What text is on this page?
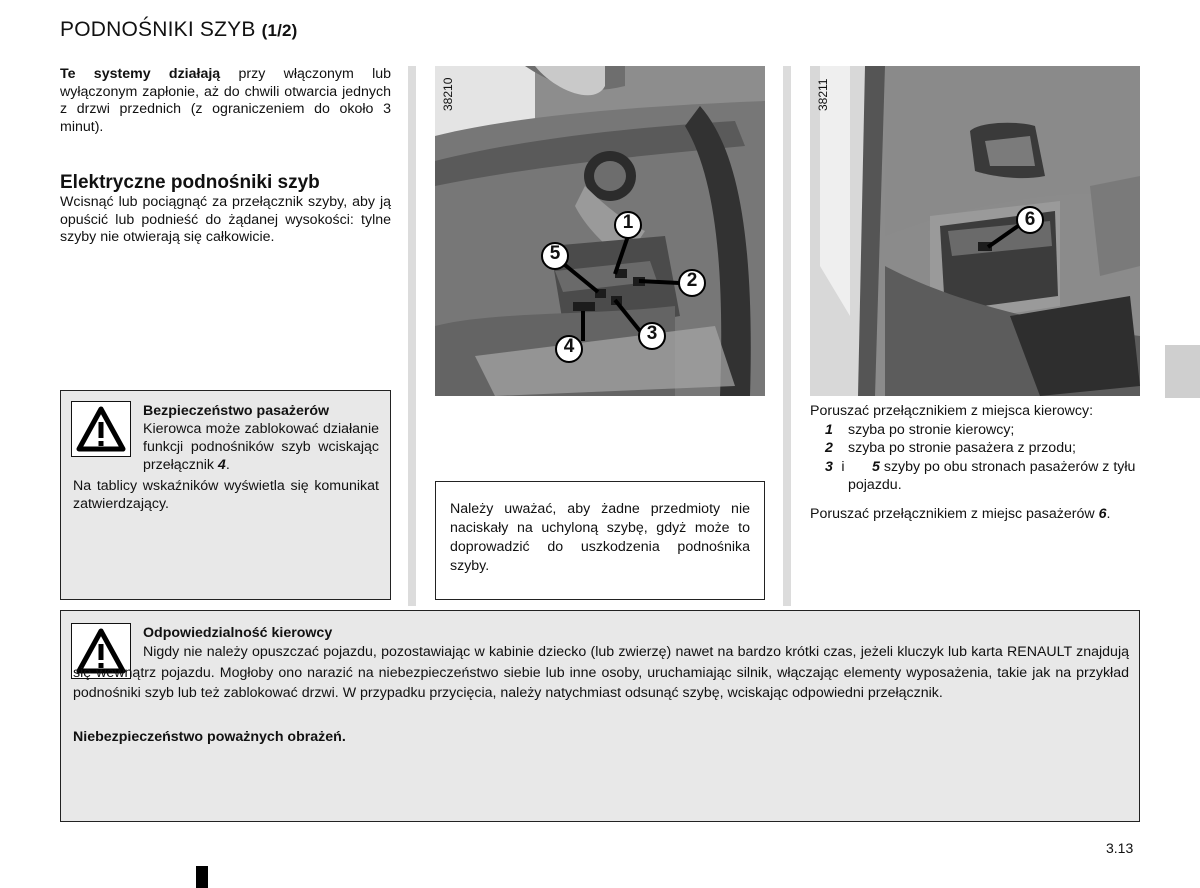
PODNOŚNIKI SZYB (1/2)
Te systemy działają przy włączonym lub wyłączonym zapłonie, aż do chwili otwarcia jednych z drzwi przednich (z ograniczeniem do około 3 minut).
Elektryczne podnośniki szyb
Wcisnąć lub pociągnąć za przełącznik szyby, aby ją opuścić lub podnieść do żądanej wysokości: tylne szyby nie otwierają się całkowicie.
Bezpieczeństwo pasażerów

Kierowca może zablokować działanie funkcji podnośników szyb wciskając przełącznik 4.
Na tablicy wskaźników wyświetla się komunikat zatwierdzający.
38210
1
2
3
4
5
38211
6
Należy uważać, aby żadne przedmioty nie naciskały na uchyloną szybę, gdyż może to doprowadzić do uszkodzenia podnośnika szyby.
Poruszać przełącznikiem z miejsca kierowcy:
1 szyba po stronie kierowcy;
2 szyba po stronie pasażera z przodu;
3 i	5 szyby po obu stronach pasażerów z tyłu pojazdu.
Poruszać przełącznikiem z miejsc pasażerów 6.
Odpowiedzialność kierowcy
Nigdy nie należy opuszczać pojazdu, pozostawiając w kabinie dziecko (lub zwierzę) nawet na bardzo krótki czas, jeżeli kluczyk lub karta RENAULT znajdują się wewnątrz pojazdu. Mogłoby ono narazić na niebezpieczeństwo siebie lub inne osoby, uruchamiając silnik, włączając elementy wyposażenia, takie jak na przykład podnośniki szyb lub też zablokować drzwi. W przypadku przycięcia, należy natychmiast odsunąć szybę, wciskając odpowiedni przełącznik.
Niebezpieczeństwo poważnych obrażeń.
3.13
